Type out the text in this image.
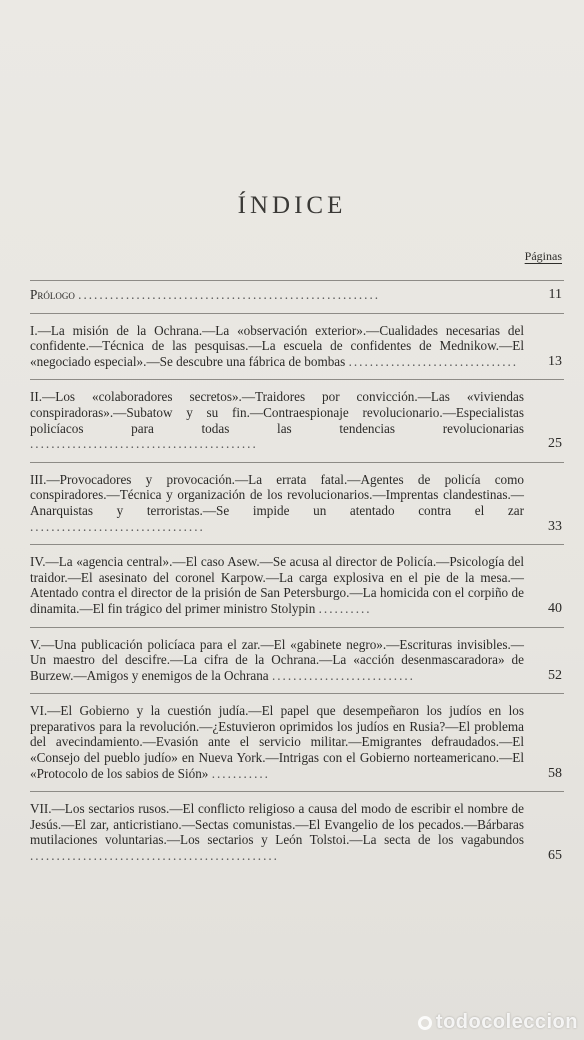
ÍNDICE
Páginas
Prólogo .........................................................	11
I.—La misión de la Ochrana.—La «observación exterior».—Cualidades necesarias del confidente.—Técnica de las pesquisas.—La escuela de confidentes de Mednikow.—El «negociado especial».—Se descubre una fábrica de bombas ................................	13
II.—Los «colaboradores secretos».—Traidores por convicción.—Las «viviendas conspiradoras».—Subatow y su fin.—Contraespionaje revolucionario.—Especialistas policíacos para todas las tendencias revolucionarias ...........................................	25
III.—Provocadores y provocación.—La errata fatal.—Agentes de policía como conspiradores.—Técnica y organización de los revolucionarios.—Imprentas clandestinas.—Anarquistas y terroristas.—Se impide un atentado contra el zar .................................	33
IV.—La «agencia central».—El caso Asew.—Se acusa al director de Policía.—Psicología del traidor.—El asesinato del coronel Karpow.—La carga explosiva en el pie de la mesa.—Atentado contra el director de la prisión de San Petersburgo.—La homicida con el corpiño de dinamita.—El fin trágico del primer ministro Stolypin ..........	40
V.—Una publicación policíaca para el zar.—El «gabinete negro».—Escrituras invisibles.—Un maestro del descifre.—La cifra de la Ochrana.—La «acción desenmascaradora» de Burzew.—Amigos y enemigos de la Ochrana ...........................	52
VI.—El Gobierno y la cuestión judía.—El papel que desempeñaron los judíos en los preparativos para la revolución.—¿Estuvieron oprimidos los judíos en Rusia?—El problema del avecindamiento.—Evasión ante el servicio militar.—Emigrantes defraudados.—El «Consejo del pueblo judío» en Nueva York.—Intrigas con el Gobierno norteamericano.—El «Protocolo de los sabios de Sión» ...........	58
VII.—Los sectarios rusos.—El conflicto religioso a causa del modo de escribir el nombre de Jesús.—El zar, anticristiano.—Sectas comunistas.—El Evangelio de los pecados.—Bárbaras mutilaciones voluntarias.—Los sectarios y León Tolstoi.—La secta de los vagabundos ...............................................	65
todocoleccion
